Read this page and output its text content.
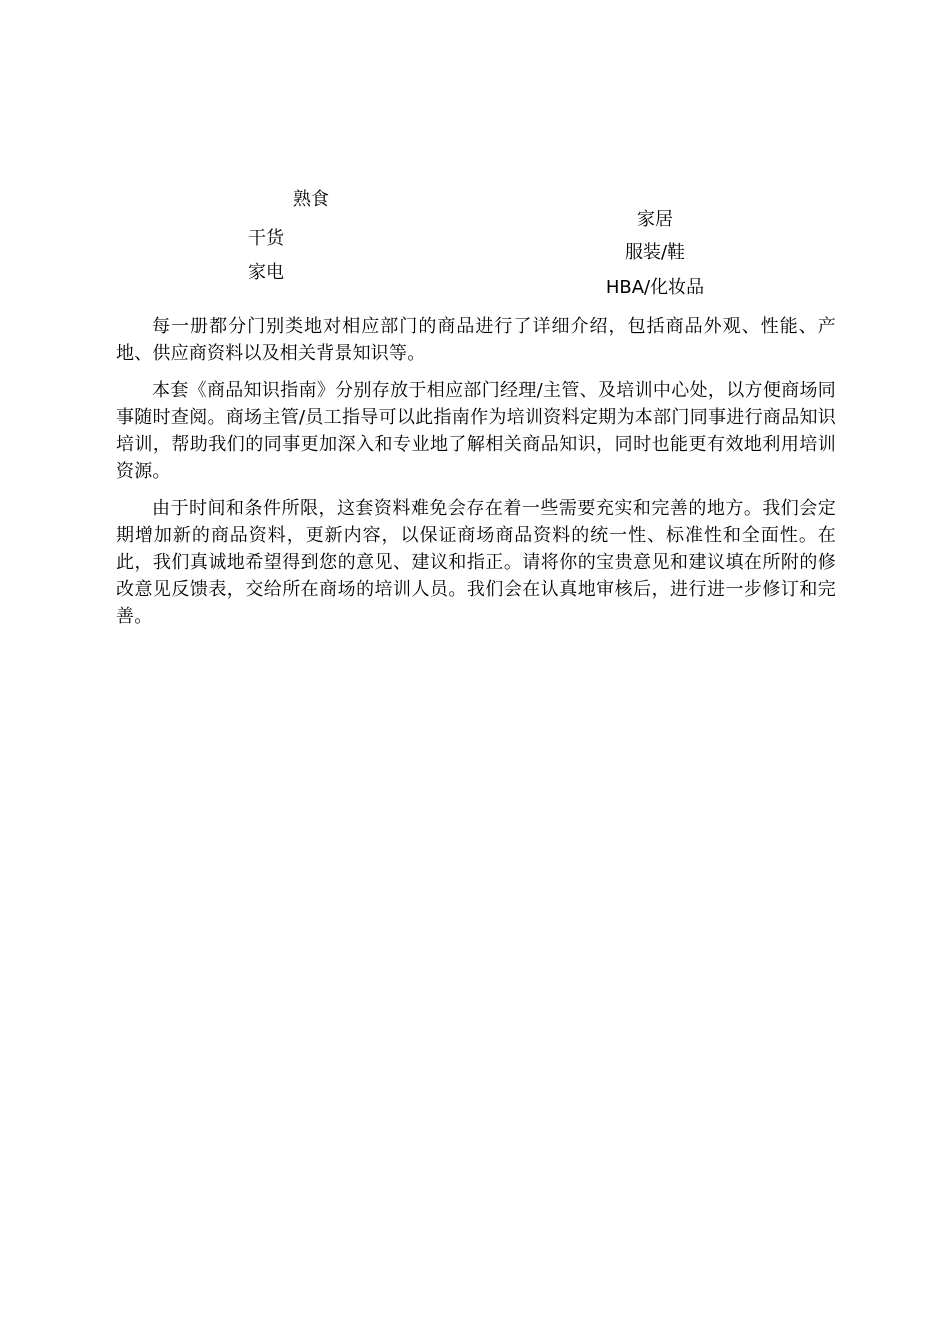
熟食
干货
家电
家居
服装/鞋
HBA/化妆品

每一册都分门别类地对相应部门的商品进行了详细介绍，包括商品外观、性能、产地、供应商资料以及相关背景知识等。

本套《商品知识指南》分别存放于相应部门经理/主管、及培训中心处，以方便商场同事随时查阅。商场主管/员工指导可以此指南作为培训资料定期为本部门同事进行商品知识培训，帮助我们的同事更加深入和专业地了解相关商品知识，同时也能更有效地利用培训资源。

由于时间和条件所限，这套资料难免会存在着一些需要充实和完善的地方。我们会定期增加新的商品资料，更新内容，以保证商场商品资料的统一性、标准性和全面性。在此，我们真诚地希望得到您的意见、建议和指正。请将你的宝贵意见和建议填在所附的修改意见反馈表，交给所在商场的培训人员。我们会在认真地审核后，进行进一步修订和完善。
